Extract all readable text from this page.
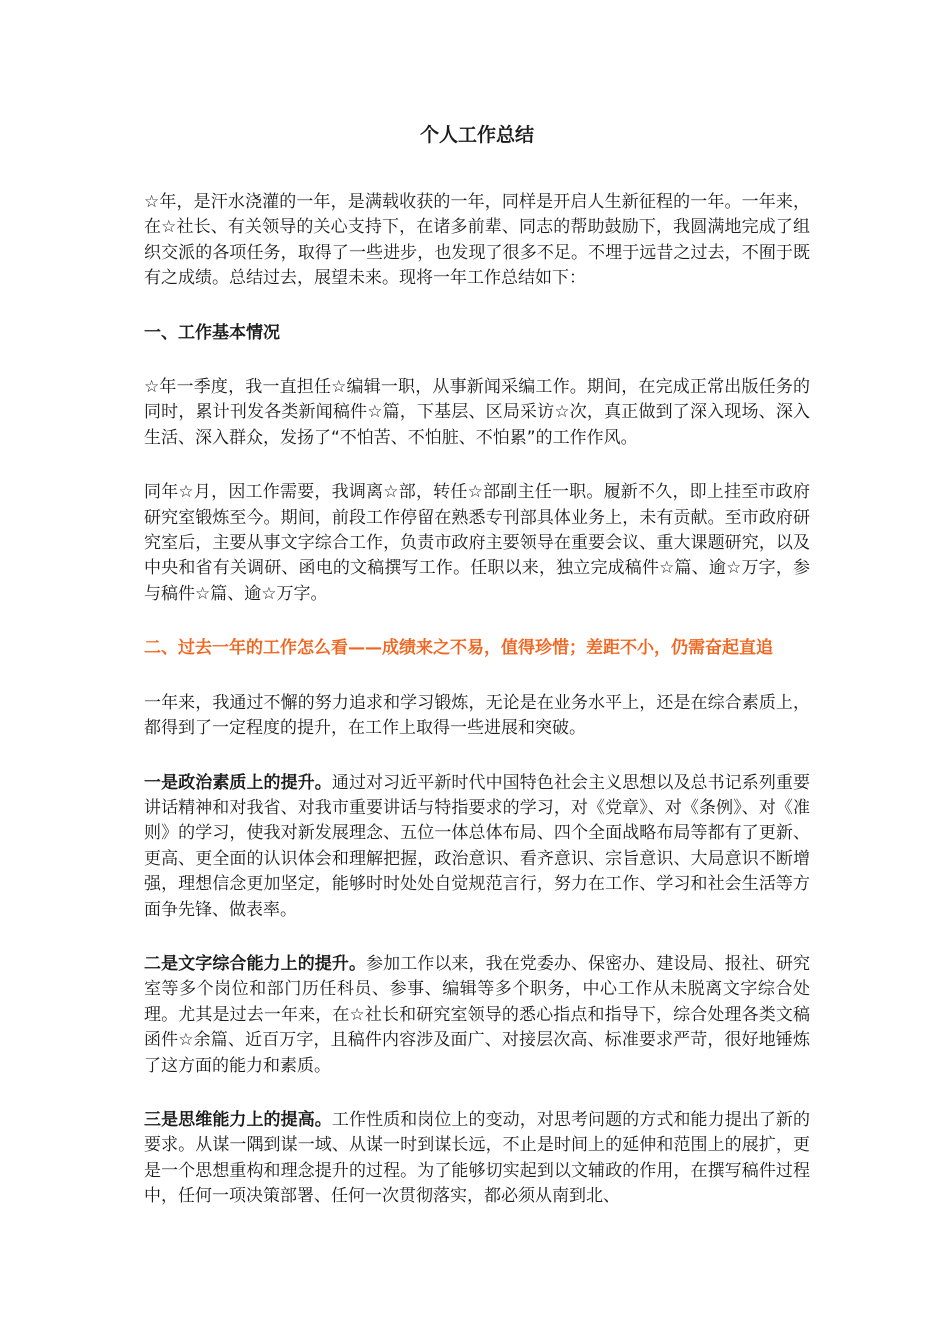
个人工作总结

☆年，是汗水浇灌的一年，是满载收获的一年，同样是开启人生新征程的一年。一年来，在☆社长、有关领导的关心支持下，在诸多前辈、同志的帮助鼓励下，我圆满地完成了组织交派的各项任务，取得了一些进步，也发现了很多不足。不埋于远昔之过去，不囿于既有之成绩。总结过去，展望未来。现将一年工作总结如下：

一、工作基本情况

☆年一季度，我一直担任☆编辑一职，从事新闻采编工作。期间，在完成正常出版任务的同时，累计刊发各类新闻稿件☆篇，下基层、区局采访☆次，真正做到了深入现场、深入生活、深入群众，发扬了“不怕苦、不怕脏、不怕累”的工作作风。

同年☆月，因工作需要，我调离☆部，转任☆部副主任一职。履新不久，即上挂至市政府研究室锻炼至今。期间，前段工作停留在熟悉专刊部具体业务上，未有贡献。至市政府研究室后，主要从事文字综合工作，负责市政府主要领导在重要会议、重大课题研究，以及中央和省有关调研、函电的文稿撰写工作。任职以来，独立完成稿件☆篇、逾☆万字，参与稿件☆篇、逾☆万字。

二、过去一年的工作怎么看——成绩来之不易，值得珍惜；差距不小，仍需奋起直追

一年来，我通过不懈的努力追求和学习锻炼，无论是在业务水平上，还是在综合素质上，都得到了一定程度的提升，在工作上取得一些进展和突破。

一是政治素质上的提升。通过对习近平新时代中国特色社会主义思想以及总书记系列重要讲话精神和对我省、对我市重要讲话与特指要求的学习，对《党章》、对《条例》、对《准则》的学习，使我对新发展理念、五位一体总体布局、四个全面战略布局等都有了更新、更高、更全面的认识体会和理解把握，政治意识、看齐意识、宗旨意识、大局意识不断增强，理想信念更加坚定，能够时时处处自觉规范言行，努力在工作、学习和社会生活等方面争先锋、做表率。

二是文字综合能力上的提升。参加工作以来，我在党委办、保密办、建设局、报社、研究室等多个岗位和部门历任科员、参事、编辑等多个职务，中心工作从未脱离文字综合处理。尤其是过去一年来，在☆社长和研究室领导的悉心指点和指导下，综合处理各类文稿函件☆余篇、近百万字，且稿件内容涉及面广、对接层次高、标准要求严苛，很好地锤炼了这方面的能力和素质。

三是思维能力上的提高。工作性质和岗位上的变动，对思考问题的方式和能力提出了新的要求。从谋一隅到谋一域、从谋一时到谋长远，不止是时间上的延伸和范围上的展扩，更是一个思想重构和理念提升的过程。为了能够切实起到以文辅政的作用，在撰写稿件过程中，任何一项决策部署、任何一次贯彻落实，都必须从南到北、
